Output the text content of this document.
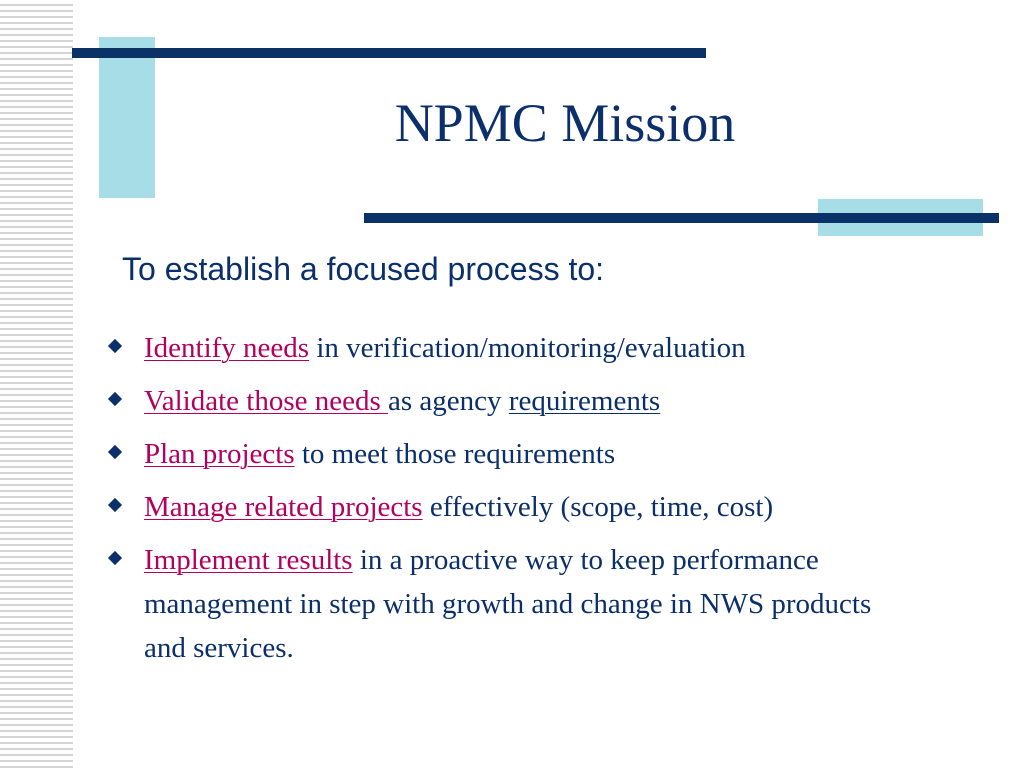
NPMC Mission
To establish a focused process to:
Identify needs in verification/monitoring/evaluation
Validate those needs as agency requirements
Plan projects to meet those requirements
Manage related projects effectively (scope, time, cost)
Implement results in a proactive way to keep performance management in step with growth and change in NWS products and services.
